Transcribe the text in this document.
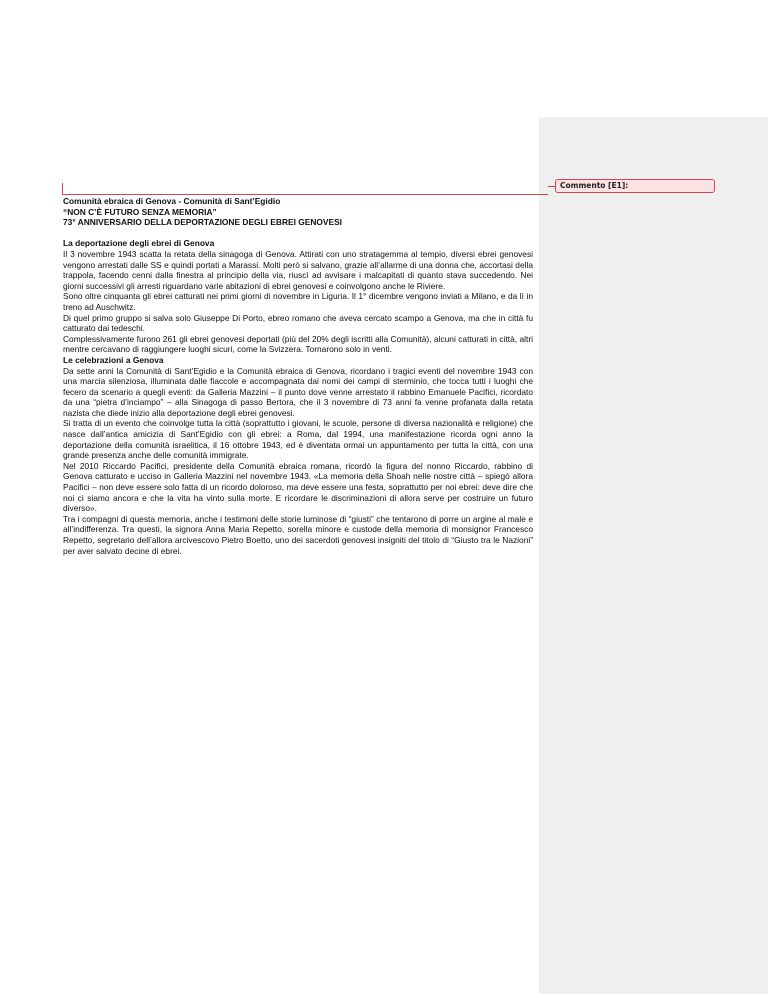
Commento [E1]:

Comunità ebraica di Genova - Comunità di Sant’Egidio

“NON C’È FUTURO SENZA MEMORIA”

73° ANNIVERSARIO DELLA DEPORTAZIONE DEGLI EBREI GENOVESI

La deportazione degli ebrei di Genova

Il 3 novembre 1943 scatta la retata della sinagoga di Genova. Attirati con uno stratagemma al tempio, diversi ebrei genovesi vengono arrestati dalle SS e quindi portati a Marassi. Molti però si salvano, grazie all’allarme di una donna che, accortasi della trappola, facendo cenni dalla finestra al principio della via, riuscì ad avvisare i malcapitati di quanto stava succedendo. Nei giorni successivi gli arresti riguardano varie abitazioni di ebrei genovesi e coinvolgono anche le Riviere.

Sono oltre cinquanta gli ebrei catturati nei primi giorni di novembre in Liguria. Il 1° dicembre vengono inviati a Milano, e da lì in treno ad Auschwitz.

Di quel primo gruppo si salva solo Giuseppe Di Porto, ebreo romano che aveva cercato scampo a Genova, ma che in città fu catturato dai tedeschi.

Complessivamente furono 261 gli ebrei genovesi deportati (più del 20% degli iscritti alla Comunità), alcuni catturati in città, altri mentre cercavano di raggiungere luoghi sicuri, come la Svizzera. Tornarono solo in venti.

Le celebrazioni a Genova

Da sette anni la Comunità di Sant’Egidio e la Comunità ebraica di Genova, ricordano i tragici eventi del novembre 1943 con una marcia silenziosa, illuminata dalle fiaccole e accompagnata dai nomi dei campi di sterminio, che tocca tutti i luoghi che fecero da scenario a quegli eventi: da Galleria Mazzini – il punto dove venne arrestato il rabbino Emanuele Pacifici, ricordato da una “pietra d’inciampo” – alla Sinagoga di passo Bertora, che il 3 novembre di 73 anni fa venne profanata dalla retata nazista che diede inizio alla deportazione degli ebrei genovesi.

Si tratta di un evento che coinvolge tutta la città (soprattutto i giovani, le scuole, persone di diversa nazionalità e religione) che nasce dall’antica amicizia di Sant’Egidio con gli ebrei: a Roma, dal 1994, una manifestazione ricorda ogni anno la deportazione della comunità israelitica, il 16 ottobre 1943, ed è diventata ormai un appuntamento per tutta la città, con una grande presenza anche delle comunità immigrate.

Nel 2010 Riccardo Pacifici, presidente della Comunità ebraica romana, ricordò la figura del nonno Riccardo, rabbino di Genova catturato e ucciso in Galleria Mazzini nel novembre 1943. «La memoria della Shoah nelle nostre città – spiegò allora Pacifici – non deve essere solo fatta di un ricordo doloroso, ma deve essere una festa, soprattutto per noi ebrei: deve dire che noi ci siamo ancora e che la vita ha vinto sulla morte. E ricordare le discriminazioni di allora serve per costruire un futuro diverso».

Tra i compagni di questa memoria, anche i testimoni delle storie luminose di “giusti” che tentarono di porre un argine al male e all’indifferenza. Tra questi, la signora Anna Maria Repetto, sorella minore e custode della memoria di monsignor Francesco Repetto, segretario dell’allora arcivescovo Pietro Boetto, uno dei sacerdoti genovesi insigniti del titolo di “Giusto tra le Nazioni” per aver salvato decine di ebrei.
